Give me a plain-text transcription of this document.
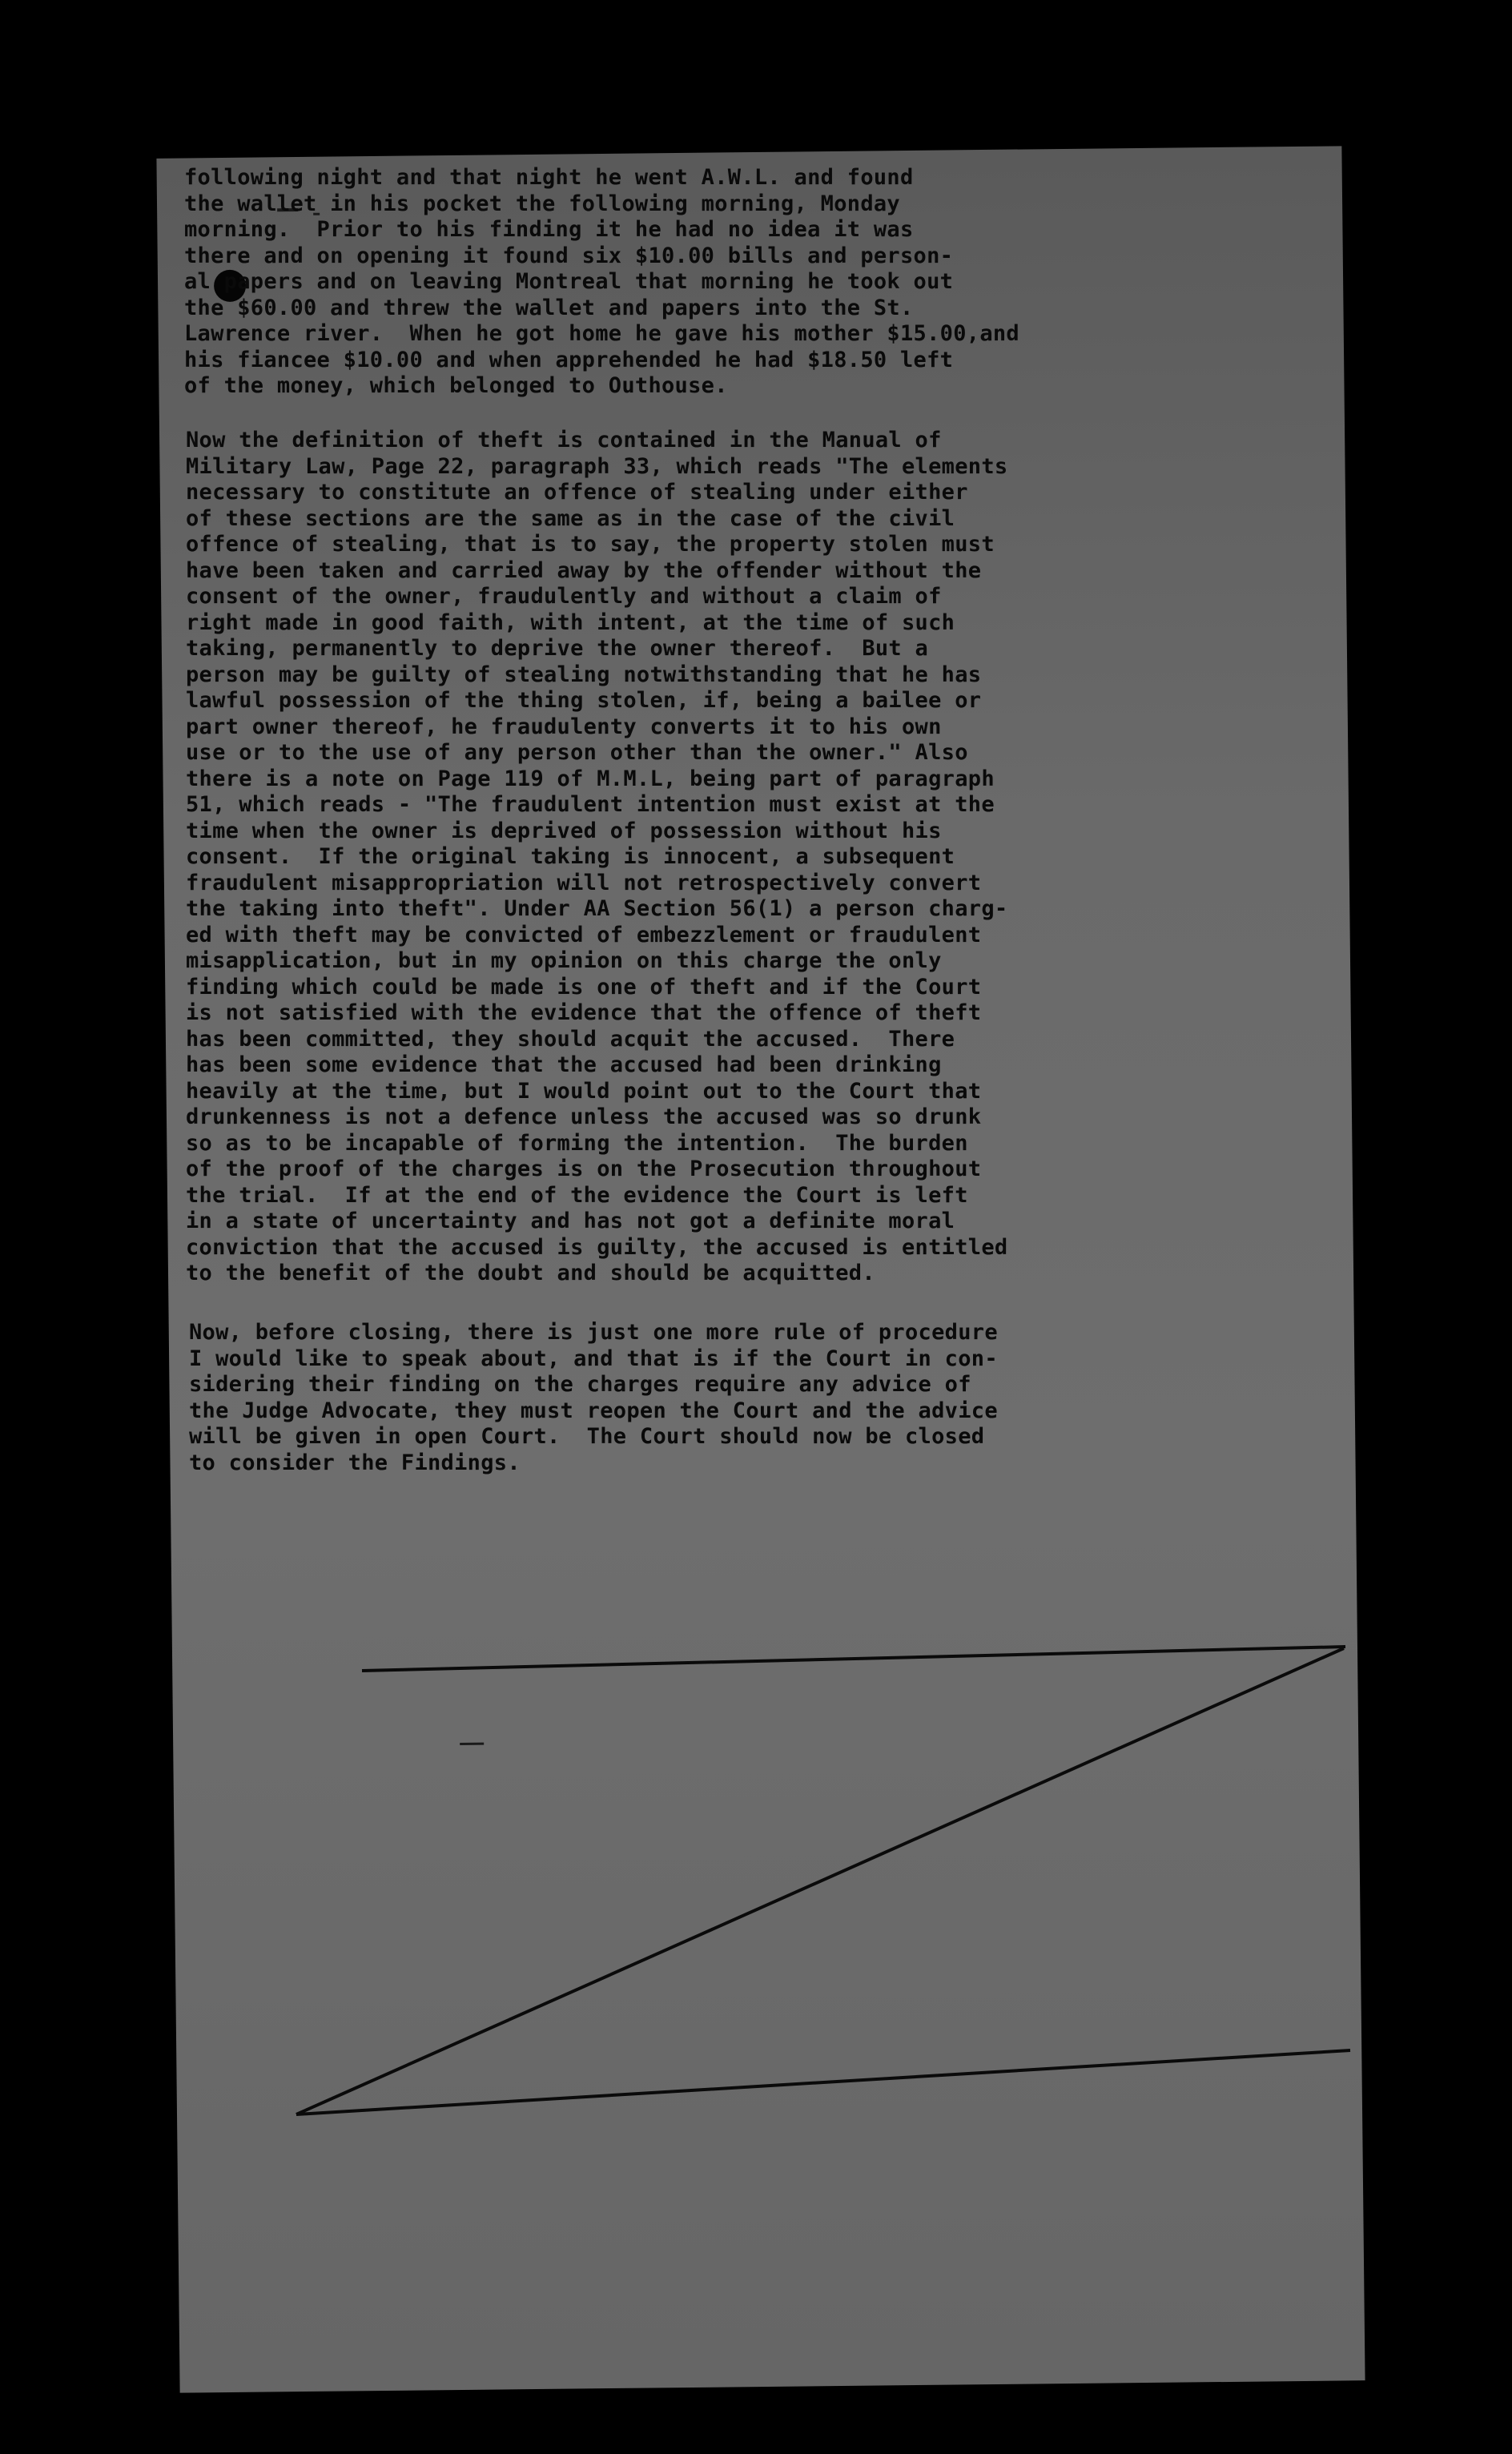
following night and that night he went A.W.L. and found
the wallet in his pocket the following morning, Monday
morning.  Prior to his finding it he had no idea it was
there and on opening it found six $10.00 bills and person-
al papers and on leaving Montreal that morning he took out
the $60.00 and threw the wallet and papers into the St.
Lawrence river.  When he got home he gave his mother $15.00,and
his fiancee $10.00 and when apprehended he had $18.50 left
of the money, which belonged to Outhouse.
Now the definition of theft is contained in the Manual of
Military Law, Page 22, paragraph 33, which reads "The elements
necessary to constitute an offence of stealing under either
of these sections are the same as in the case of the civil
offence of stealing, that is to say, the property stolen must
have been taken and carried away by the offender without the
consent of the owner, fraudulently and without a claim of
right made in good faith, with intent, at the time of such
taking, permanently to deprive the owner thereof.  But a
person may be guilty of stealing notwithstanding that he has
lawful possession of the thing stolen, if, being a bailee or
part owner thereof, he fraudulenty converts it to his own
use or to the use of any person other than the owner." Also
there is a note on Page 119 of M.M.L, being part of paragraph
51, which reads - "The fraudulent intention must exist at the
time when the owner is deprived of possession without his
consent.  If the original taking is innocent, a subsequent
fraudulent misappropriation will not retrospectively convert
the taking into theft". Under AA Section 56(1) a person charg-
ed with theft may be convicted of embezzlement or fraudulent
misapplication, but in my opinion on this charge the only
finding which could be made is one of theft and if the Court
is not satisfied with the evidence that the offence of theft
has been committed, they should acquit the accused.  There
has been some evidence that the accused had been drinking
heavily at the time, but I would point out to the Court that
drunkenness is not a defence unless the accused was so drunk
so as to be incapable of forming the intention.  The burden
of the proof of the charges is on the Prosecution throughout
the trial.  If at the end of the evidence the Court is left
in a state of uncertainty and has not got a definite moral
conviction that the accused is guilty, the accused is entitled
to the benefit of the doubt and should be acquitted.
Now, before closing, there is just one more rule of procedure
I would like to speak about, and that is if the Court in con-
sidering their finding on the charges require any advice of
the Judge Advocate, they must reopen the Court and the advice
will be given in open Court.  The Court should now be closed
to consider the Findings.
